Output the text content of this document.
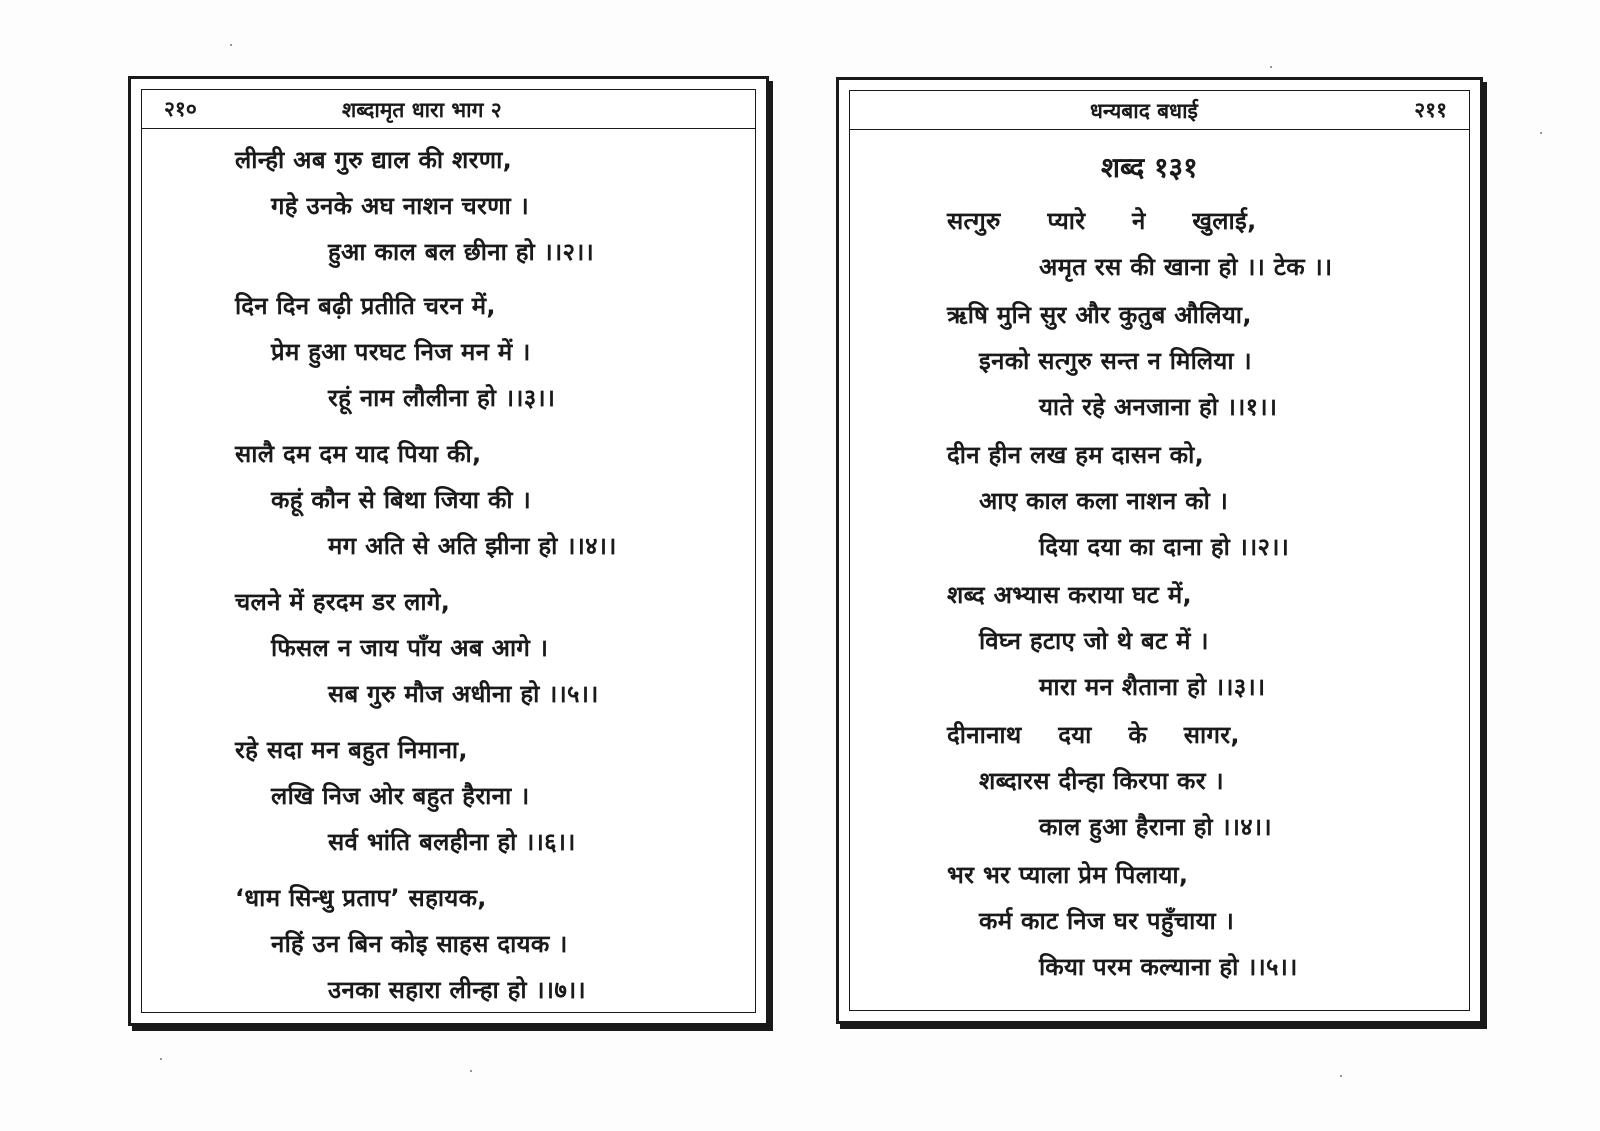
२१०	शब्दामृत धारा भाग २
लीन्ही अब गुरु द्याल की शरणा,
गहे उनके अघ नाशन चरणा ।
हुआ काल बल छीना हो ।।२।।
दिन दिन बढ़ी प्रतीति चरन में,
प्रेम हुआ परघट निज मन में ।
रहूं नाम लौलीना हो ।।३।।
सालै दम दम याद पिया की,
कहूं कौन से बिथा जिया की ।
मग अति से अति झीना हो ।।४।।
चलने में हरदम डर लागे,
फिसल न जाय पाँय अब आगे ।
सब गुरु मौज अधीना हो ।।५।।
रहे सदा मन बहुत निमाना,
लखि निज ओर बहुत हैराना ।
सर्व भांति बलहीना हो ।।६।।
‘धाम सिन्धु प्रताप’ सहायक,
नहिं उन बिन कोइ साहस दायक ।
उनका सहारा लीन्हा हो ।।७।।
धन्यबाद बधाई	२११
शब्द १३१
सत्गुरु प्यारे ने खुलाई,
अमृत रस की खाना हो ।। टेक ।।
ऋषि मुनि सुर और कुतुब औलिया,
इनको सत्गुरु सन्त न मिलिया ।
याते रहे अनजाना हो ।।१।।
दीन हीन लख हम दासन को,
आए काल कला नाशन को ।
दिया दया का दाना हो ।।२।।
शब्द अभ्यास कराया घट में,
विघ्न हटाए जो थे बट में ।
मारा मन शैताना हो ।।३।।
दीनानाथ दया के सागर,
शब्दारस दीन्हा किरपा कर ।
काल हुआ हैराना हो ।।४।।
भर भर प्याला प्रेम पिलाया,
कर्म काट निज घर पहुँचाया ।
किया परम कल्याना हो ।।५।।
